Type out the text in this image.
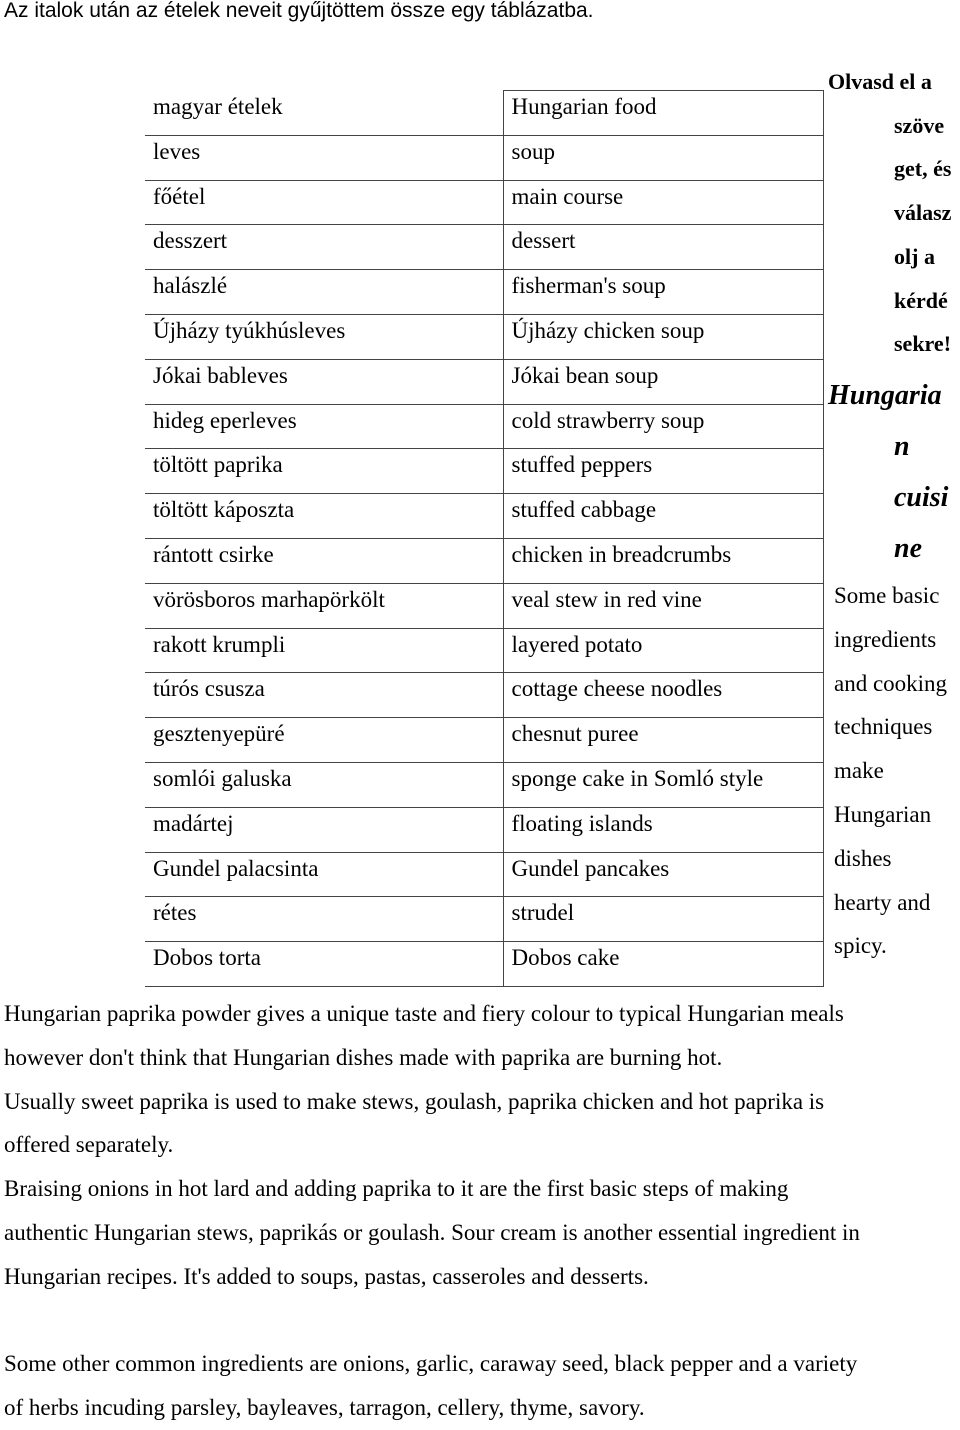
Az italok után az ételek neveit gyűjtöttem össze egy táblázatba.

magyar ételek	Hungarian food
leves	soup
főétel	main course
desszert	dessert
halászlé	fisherman's soup
Újházy tyúkhúsleves	Újházy chicken soup
Jókai bableves	Jókai bean soup
hideg eperleves	cold strawberry soup
töltött paprika	stuffed peppers
töltött káposzta	stuffed cabbage
rántott csirke	chicken in breadcrumbs
vörösboros marhapörkölt	veal stew in red vine
rakott krumpli	layered potato
túrós csusza	cottage cheese noodles
gesztenyepüré	chesnut puree
somlói galuska	sponge cake in Somló style
madártej	floating islands
Gundel palacsinta	Gundel pancakes
rétes	strudel
Dobos torta	Dobos cake

Olvasd el a
szöve
get, és
válasz
olj a
kérdé
sekre!

Hungaria
n
cuisi
ne

Some basic
ingredients
and cooking
techniques
make
Hungarian
dishes
hearty and
spicy.

Hungarian paprika powder gives a unique taste and fiery colour to typical Hungarian meals
however don't think that Hungarian dishes made with paprika are burning hot.
Usually sweet paprika is used to make stews, goulash, paprika chicken and hot paprika is
offered separately.
Braising onions in hot lard and adding paprika to it are the first basic steps of making
authentic Hungarian stews, paprikás or goulash. Sour cream is another essential ingredient in
Hungarian recipes. It's added to soups, pastas, casseroles and desserts.

Some other common ingredients are onions, garlic, caraway seed, black pepper and a variety
of herbs incuding parsley, bayleaves, tarragon, cellery, thyme, savory.
